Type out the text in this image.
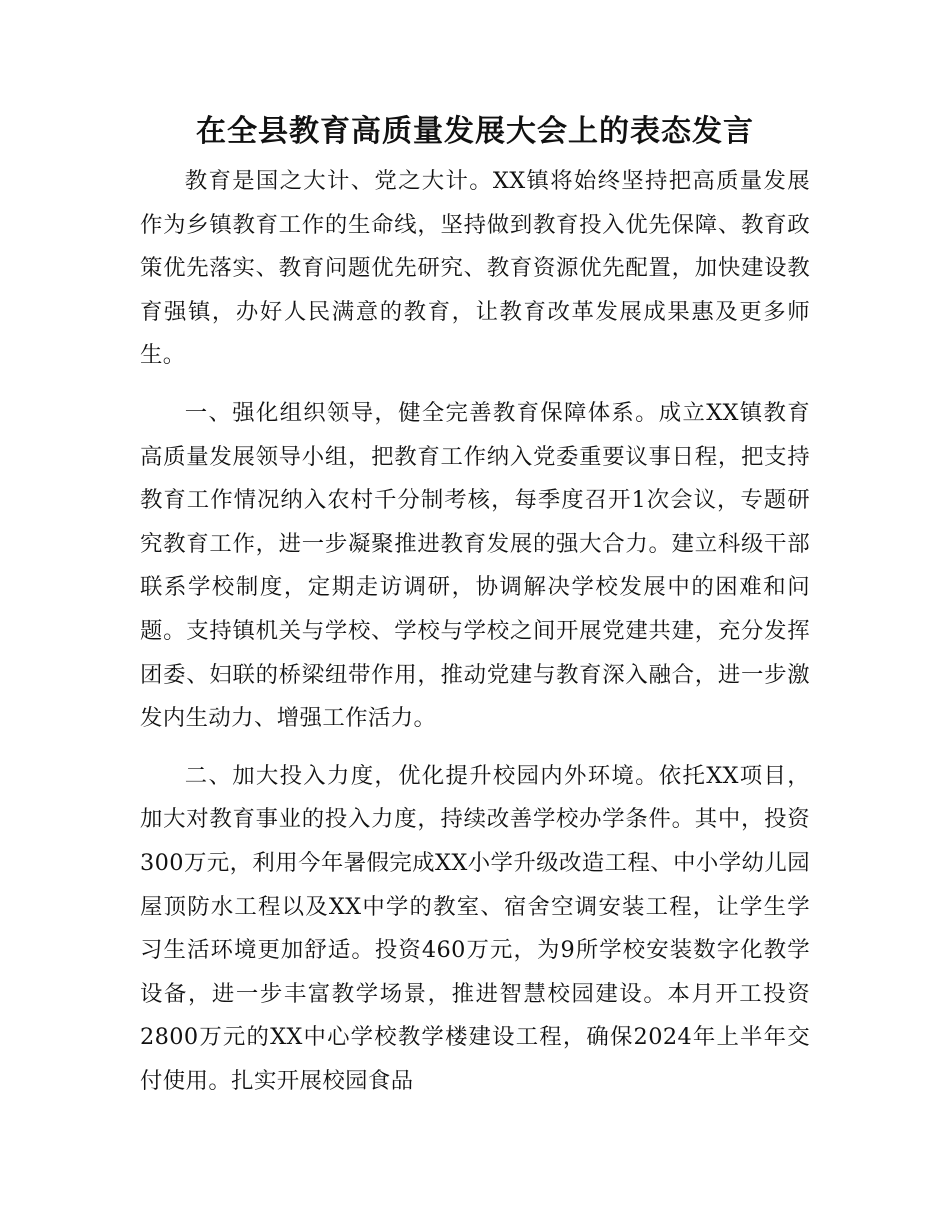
在全县教育高质量发展大会上的表态发言

教育是国之大计、党之大计。XX镇将始终坚持把高质量发展作为乡镇教育工作的生命线，坚持做到教育投入优先保障、教育政策优先落实、教育问题优先研究、教育资源优先配置，加快建设教育强镇，办好人民满意的教育，让教育改革发展成果惠及更多师生。

一、强化组织领导，健全完善教育保障体系。成立XX镇教育高质量发展领导小组，把教育工作纳入党委重要议事日程，把支持教育工作情况纳入农村千分制考核，每季度召开1次会议，专题研究教育工作，进一步凝聚推进教育发展的强大合力。建立科级干部联系学校制度，定期走访调研，协调解决学校发展中的困难和问题。支持镇机关与学校、学校与学校之间开展党建共建，充分发挥团委、妇联的桥梁纽带作用，推动党建与教育深入融合，进一步激发内生动力、增强工作活力。

二、加大投入力度，优化提升校园内外环境。依托XX项目，加大对教育事业的投入力度，持续改善学校办学条件。其中，投资300万元，利用今年暑假完成XX小学升级改造工程、中小学幼儿园屋顶防水工程以及XX中学的教室、宿舍空调安装工程，让学生学习生活环境更加舒适。投资460万元，为9所学校安装数字化教学设备，进一步丰富教学场景，推进智慧校园建设。本月开工投资2800万元的XX中心学校教学楼建设工程，确保2024年上半年交付使用。扎实开展校园食品
